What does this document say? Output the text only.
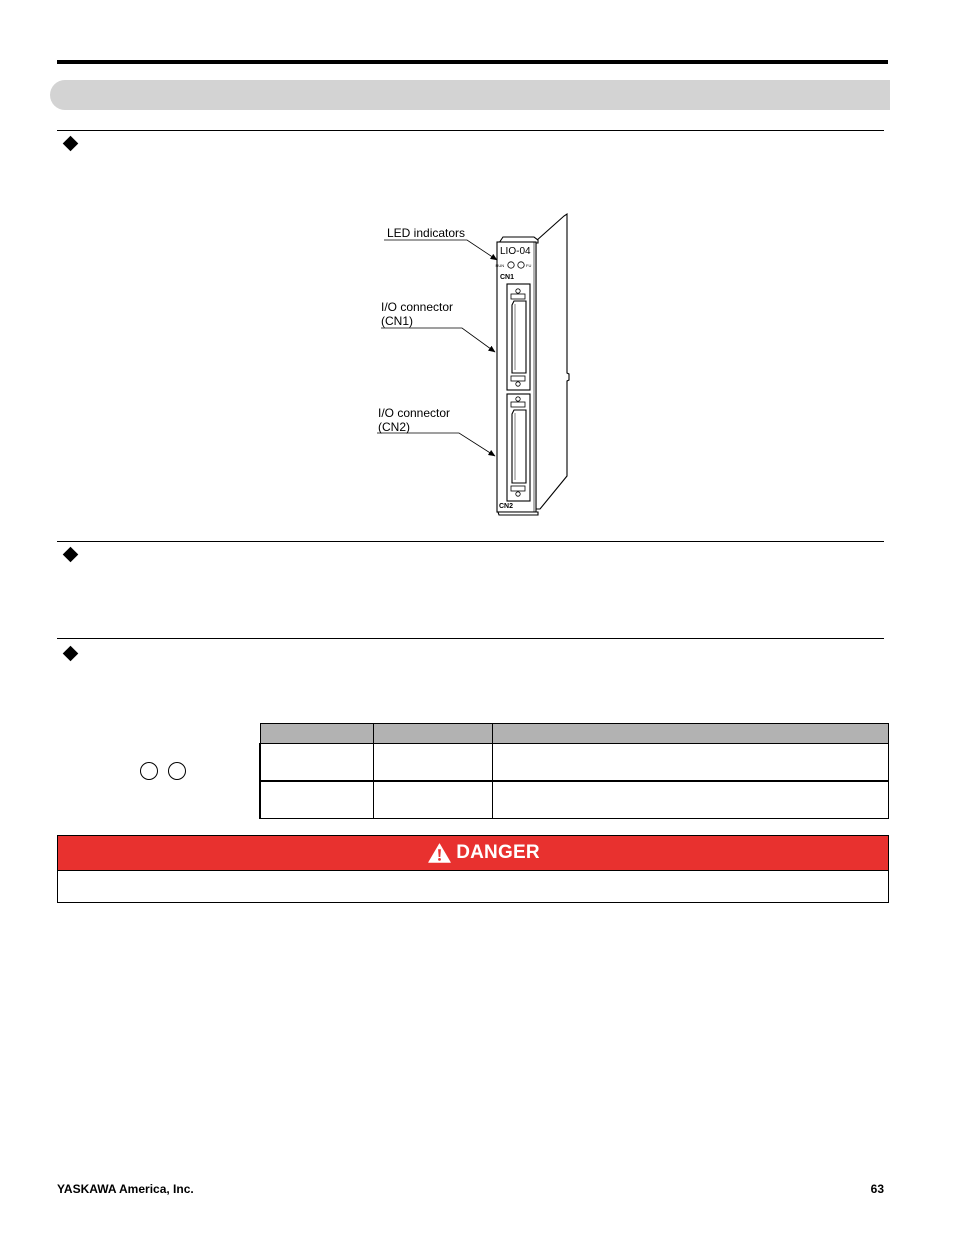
LIO-04
RUN	FU
CN1
CN2
LED indicators
I/O connector
(CN1)
I/O connector
(CN2)

DANGER
YASKAWA America, Inc.	63
